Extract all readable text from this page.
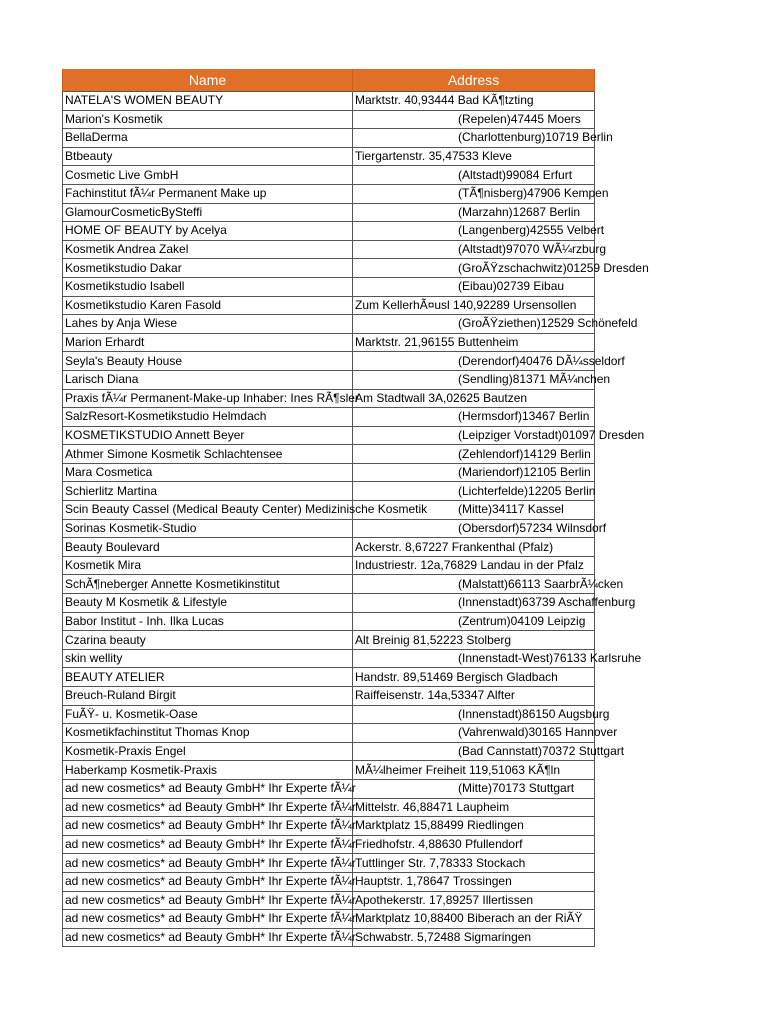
Name	Address
NATELA'S WOMEN BEAUTY	Marktstr. 40,93444 Bad KÃ¶tzting
Marion's Kosmetik	(Repelen)47445 Moers
BellaDerma	(Charlottenburg)10719 Berlin
Btbeauty	Tiergartenstr. 35,47533 Kleve
Cosmetic Live GmbH	(Altstadt)99084 Erfurt
Fachinstitut fÃ¼r Permanent Make up	(TÃ¶nisberg)47906 Kempen
GlamourCosmeticBySteffi	(Marzahn)12687 Berlin
HOME OF BEAUTY by Acelya	(Langenberg)42555 Velbert
Kosmetik Andrea Zakel	(Altstadt)97070 WÃ¼rzburg
Kosmetikstudio Dakar	(GroÃŸzschachwitz)01259 Dresden
Kosmetikstudio Isabell	(Eibau)02739 Eibau
Kosmetikstudio Karen Fasold	Zum KellerhÃ¤usl 140,92289 Ursensollen
Lahes by Anja Wiese	(GroÃŸziethen)12529 Schönefeld
Marion Erhardt	Marktstr. 21,96155 Buttenheim
Seyla's Beauty House	(Derendorf)40476 DÃ¼sseldorf
Larisch Diana	(Sendling)81371 MÃ¼nchen
Praxis fÃ¼r Permanent-Make-up Inhaber: Ines RÃ¶sler	Am Stadtwall 3A,02625 Bautzen
SalzResort-Kosmetikstudio Helmdach	(Hermsdorf)13467 Berlin
KOSMETIKSTUDIO Annett Beyer	(Leipziger Vorstadt)01097 Dresden
Athmer Simone Kosmetik Schlachtensee	(Zehlendorf)14129 Berlin
Mara Cosmetica	(Mariendorf)12105 Berlin
Schierlitz Martina	(Lichterfelde)12205 Berlin
Scin Beauty Cassel (Medical Beauty Center) Medizinische Kosmetik	(Mitte)34117 Kassel
Sorinas Kosmetik-Studio	(Obersdorf)57234 Wilnsdorf
Beauty Boulevard	Ackerstr. 8,67227 Frankenthal (Pfalz)
Kosmetik Mira	Industriestr. 12a,76829 Landau in der Pfalz
SchÃ¶neberger Annette Kosmetikinstitut	(Malstatt)66113 SaarbrÃ¼cken
Beauty M Kosmetik & Lifestyle	(Innenstadt)63739 Aschaffenburg
Babor Institut - Inh. Ilka Lucas	(Zentrum)04109 Leipzig
Czarina beauty	Alt Breinig 81,52223 Stolberg
skin wellity	(Innenstadt-West)76133 Karlsruhe
BEAUTY ATELIER	Handstr. 89,51469 Bergisch Gladbach
Breuch-Ruland Birgit	Raiffeisenstr. 14a,53347 Alfter
FuÃŸ- u. Kosmetik-Oase	(Innenstadt)86150 Augsburg
Kosmetikfachinstitut Thomas Knop	(Vahrenwald)30165 Hannover
Kosmetik-Praxis Engel	(Bad Cannstatt)70372 Stuttgart
Haberkamp Kosmetik-Praxis	MÃ¼lheimer Freiheit 119,51063 KÃ¶ln
ad new cosmetics* ad Beauty GmbH* Ihr Experte fÃ¼r	(Mitte)70173 Stuttgart
ad new cosmetics* ad Beauty GmbH* Ihr Experte fÃ¼r	Mittelstr. 46,88471 Laupheim
ad new cosmetics* ad Beauty GmbH* Ihr Experte fÃ¼r	Marktplatz 15,88499 Riedlingen
ad new cosmetics* ad Beauty GmbH* Ihr Experte fÃ¼r	Friedhofstr. 4,88630 Pfullendorf
ad new cosmetics* ad Beauty GmbH* Ihr Experte fÃ¼r	Tuttlinger Str. 7,78333 Stockach
ad new cosmetics* ad Beauty GmbH* Ihr Experte fÃ¼r	Hauptstr. 1,78647 Trossingen
ad new cosmetics* ad Beauty GmbH* Ihr Experte fÃ¼r	Apothekerstr. 17,89257 Illertissen
ad new cosmetics* ad Beauty GmbH* Ihr Experte fÃ¼r	Marktplatz 10,88400 Biberach an der RiÃŸ
ad new cosmetics* ad Beauty GmbH* Ihr Experte fÃ¼r	Schwabstr. 5,72488 Sigmaringen
